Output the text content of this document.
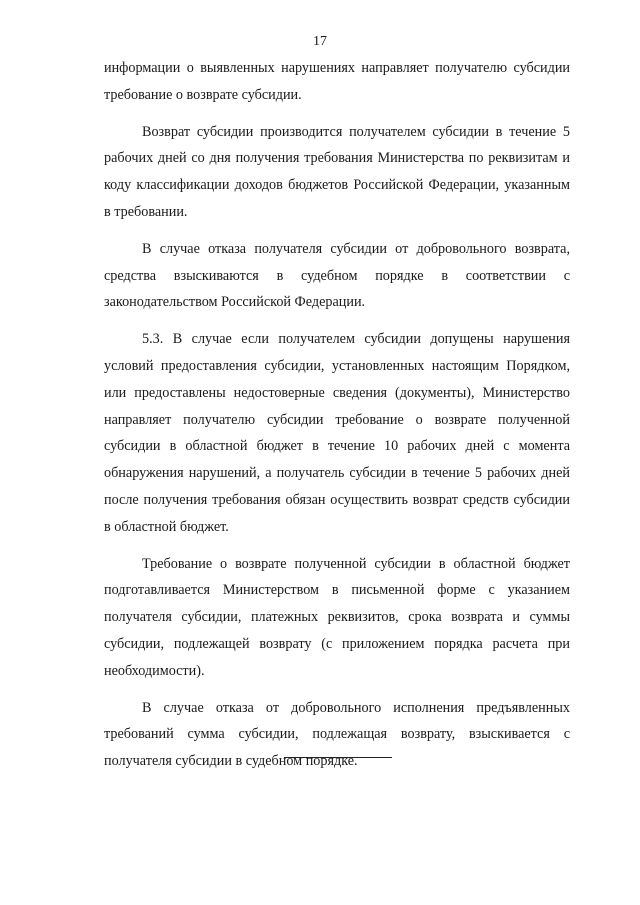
17

информации о выявленных нарушениях направляет получателю субсидии требование о возврате субсидии.

Возврат субсидии производится получателем субсидии в течение 5 рабочих дней со дня получения требования Министерства по реквизитам и коду классификации доходов бюджетов Российской Федерации, указанным в требовании.

В случае отказа получателя субсидии от добровольного возврата, средства взыскиваются в судебном порядке в соответствии с законодательством Российской Федерации.

5.3. В случае если получателем субсидии допущены нарушения условий предоставления субсидии, установленных настоящим Порядком, или предоставлены недостоверные сведения (документы), Министерство направляет получателю субсидии требование о возврате полученной субсидии в областной бюджет в течение 10 рабочих дней с момента обнаружения нарушений, а получатель субсидии в течение 5 рабочих дней после получения требования обязан осуществить возврат средств субсидии в областной бюджет.

Требование о возврате полученной субсидии в областной бюджет подготавливается Министерством в письменной форме с указанием получателя субсидии, платежных реквизитов, срока возврата и суммы субсидии, подлежащей возврату (с приложением порядка расчета при необходимости).

В случае отказа от добровольного исполнения предъявленных требований сумма субсидии, подлежащая возврату, взыскивается с получателя субсидии в судебном порядке.
